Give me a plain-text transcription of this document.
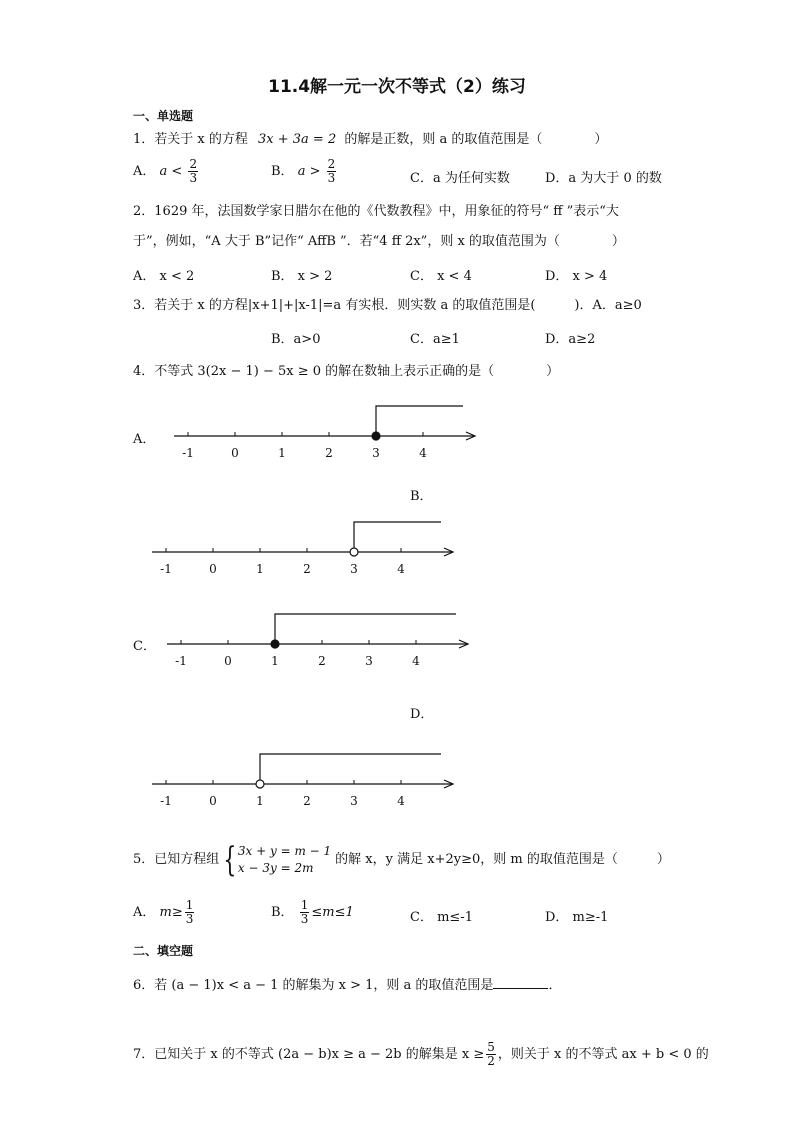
11.4解一元一次不等式（2）练习
一、单选题
1．若关于 x 的方程 3x + 3a = 2 的解是正数，则 a 的取值范围是（　　　　）
A． $a < \frac{2}{3}$	B． $a > \frac{2}{3}$	C．a 为任何实数	D．a 为大于 0 的数
2．1629 年，法国数学家日腊尔在他的《代数教程》中，用象征的符号“ ff ”表示“大
于”，例如，“A 大于 B”记作“ AffB ”．若“4 ff 2x”，则 x 的取值范围为（　　　　）
A． x < 2	B． x > 2	C． x < 4	D． x > 4
3．若关于 x 的方程|x+1|+|x-1|=a 有实根．则实数 a 的取值范围是(　　　)．A．a≥0
B．a>0	C．a≥1	D．a≥2
4．不等式 3(2x − 1) − 5x ≥ 0 的解在数轴上表示正确的是（　　　　）
A．
-1	0	1	2	3	4
B．
-1	0	1	2	3	4
C．
-1	0	1	2	3	4
D．
-1	0	1	2	3	4
5．已知方程组 { 3x + y = m − 1
x − 3y = 2m
的解 x，y 满足 x+2y≥0，则 m 的取值范围是（　　　）
A． $m\ge \frac{1}{3}$	B． $\frac{1}{3} \le m\le 1$	C． m≤-1	D． m≥-1
二、填空题
6．若 (a − 1)x < a − 1 的解集为 x > 1，则 a 的取值范围是	．
7．已知关于 x 的不等式 (2a − b)x ≥ a − 2b 的解集是 $x \ge \frac{5}{2}$ ，则关于 x 的不等式 ax + b < 0 的
